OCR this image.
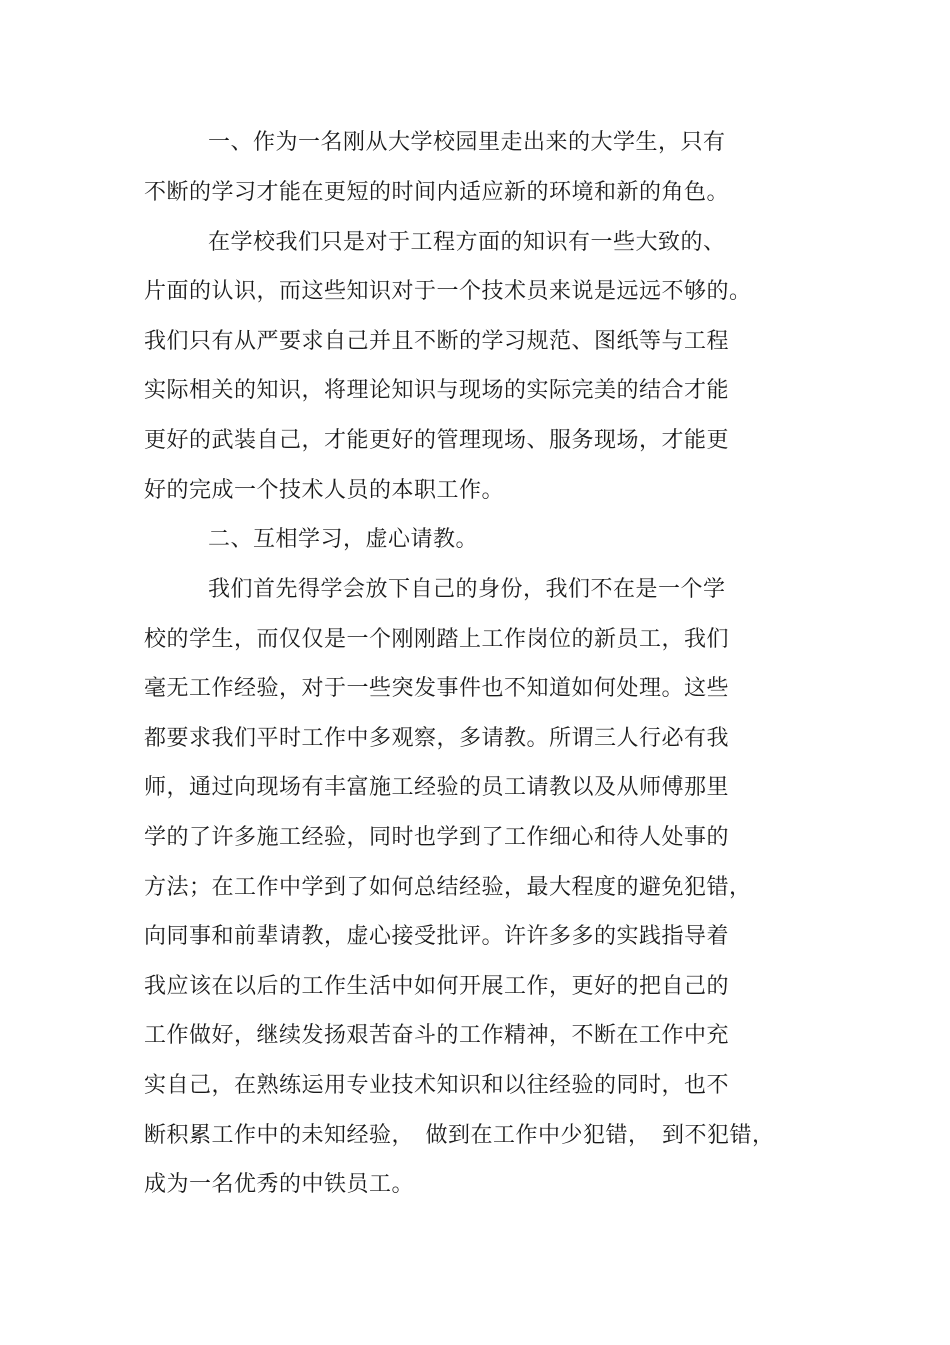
一、作为一名刚从大学校园里走出来的大学生，只有
不断的学习才能在更短的时间内适应新的环境和新的角色。
在学校我们只是对于工程方面的知识有一些大致的、
片面的认识，而这些知识对于一个技术员来说是远远不够的。
我们只有从严要求自己并且不断的学习规范、图纸等与工程
实际相关的知识，将理论知识与现场的实际完美的结合才能
更好的武装自己，才能更好的管理现场、服务现场，才能更
好的完成一个技术人员的本职工作。
二、互相学习，虚心请教。
我们首先得学会放下自己的身份，我们不在是一个学
校的学生，而仅仅是一个刚刚踏上工作岗位的新员工，我们
毫无工作经验，对于一些突发事件也不知道如何处理。这些
都要求我们平时工作中多观察，多请教。所谓三人行必有我
师，通过向现场有丰富施工经验的员工请教以及从师傅那里
学的了许多施工经验，同时也学到了工作细心和待人处事的
方法；在工作中学到了如何总结经验，最大程度的避免犯错，
向同事和前辈请教，虚心接受批评。许许多多的实践指导着
我应该在以后的工作生活中如何开展工作，更好的把自己的
工作做好，继续发扬艰苦奋斗的工作精神，不断在工作中充
实自己，在熟练运用专业技术知识和以往经验的同时，也不
断积累工作中的未知经验，　做到在工作中少犯错，　到不犯错，
成为一名优秀的中铁员工。
